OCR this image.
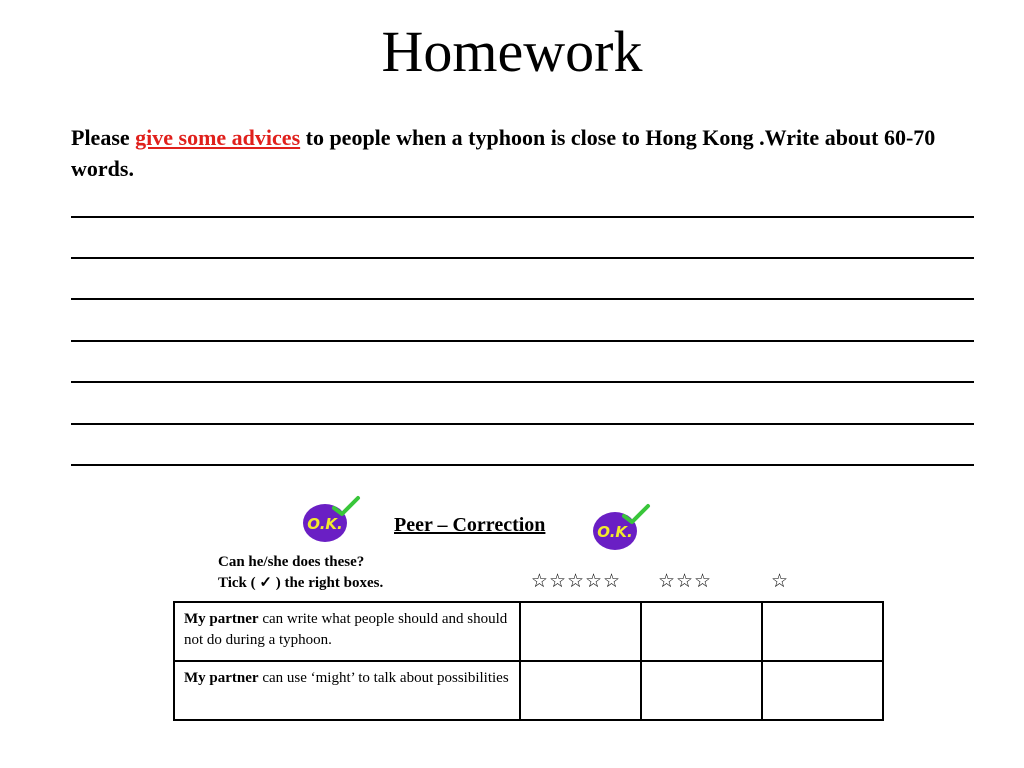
Homework
Please give some advices to people when a typhoon is close to Hong Kong .Write about 60-70 words.
O.K.	Peer – Correction	O.K.
Can he/she does these?
Tick ( ✓ ) the right boxes.	☆☆☆☆☆	☆☆☆	☆
My partner can write what people should and should not do during a typhoon.			
My partner can use ‘might’ to talk about possibilities			
